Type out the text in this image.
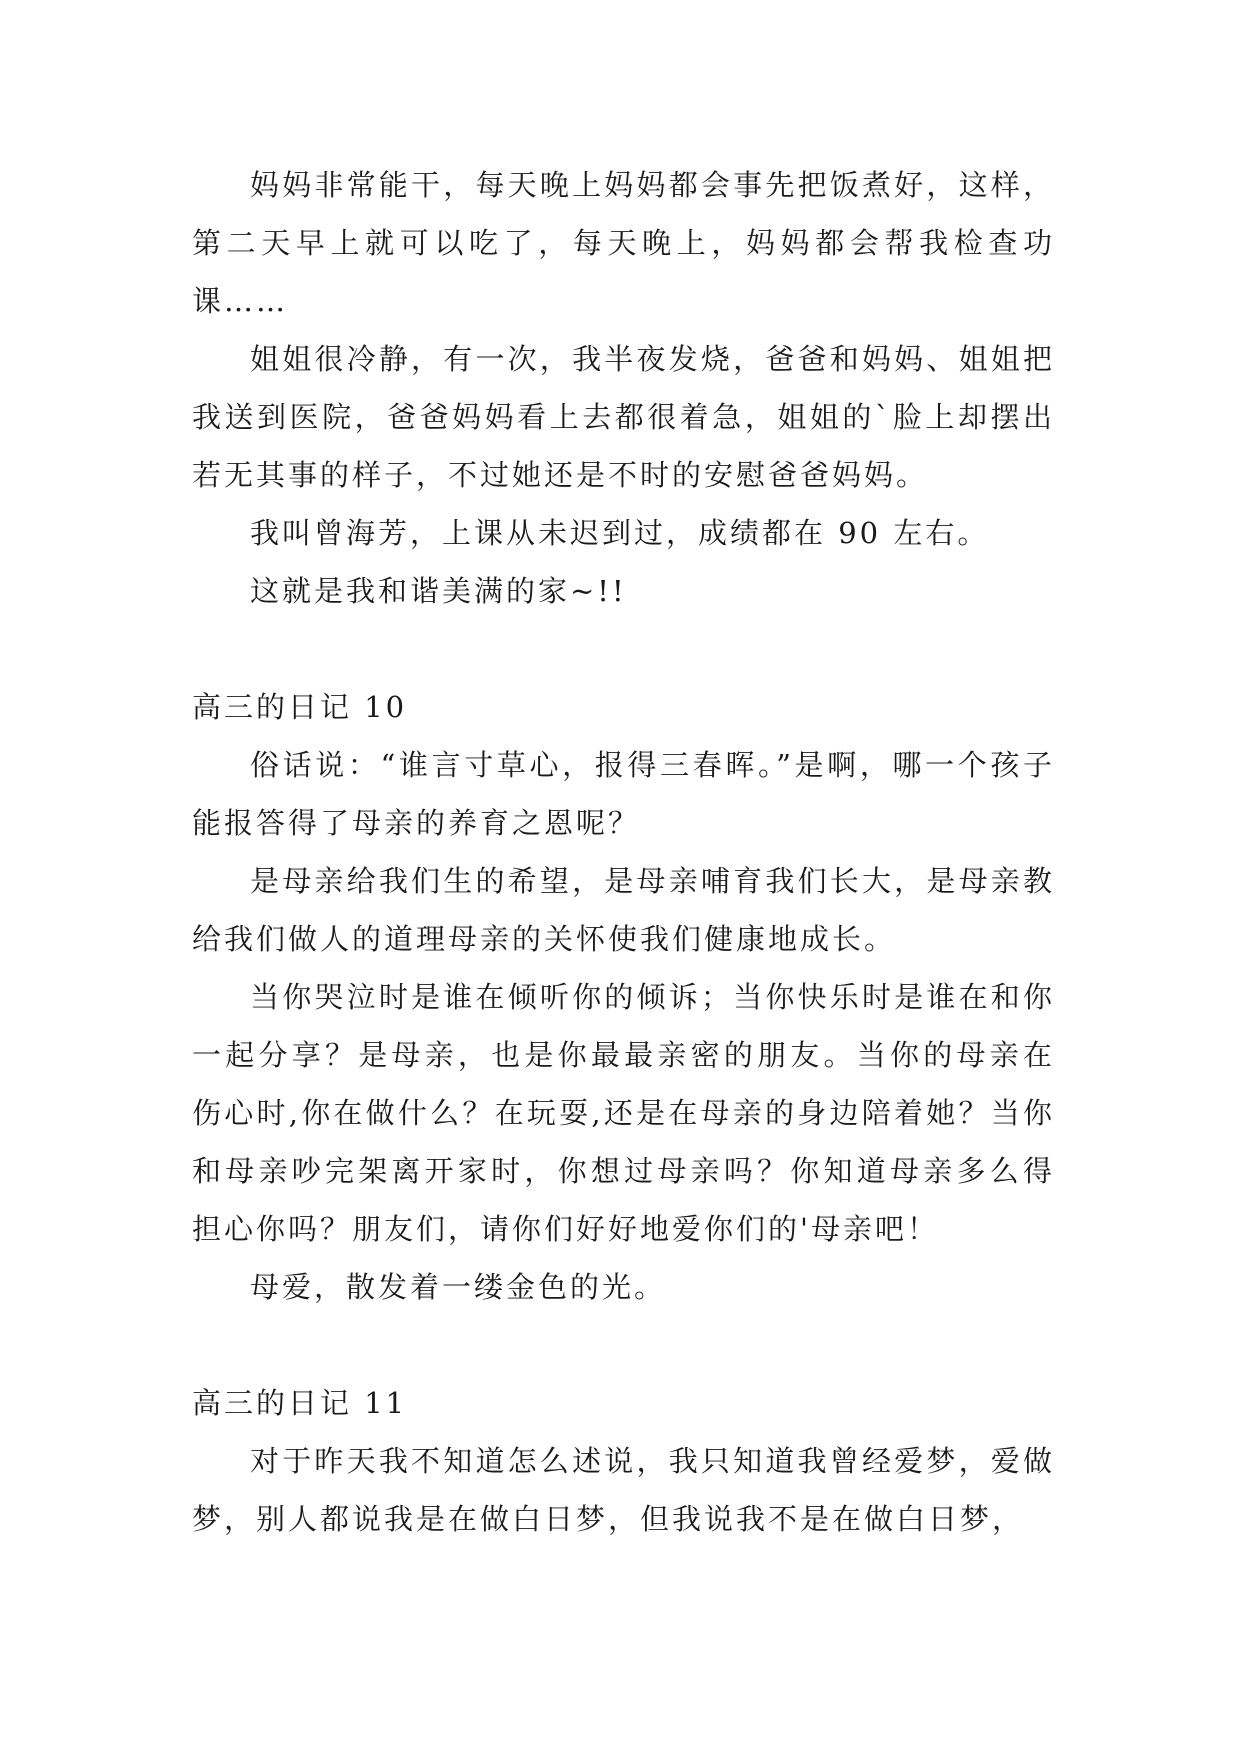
妈妈非常能干，每天晚上妈妈都会事先把饭煮好，这样，第二天早上就可以吃了，每天晚上，妈妈都会帮我检查功课……

姐姐很冷静，有一次，我半夜发烧，爸爸和妈妈、姐姐把我送到医院，爸爸妈妈看上去都很着急，姐姐的`脸上却摆出若无其事的样子，不过她还是不时的安慰爸爸妈妈。

我叫曾海芳，上课从未迟到过，成绩都在 90 左右。

这就是我和谐美满的家~!!

高三的日记 10

俗话说：“谁言寸草心，报得三春晖。”是啊，哪一个孩子能报答得了母亲的养育之恩呢？

是母亲给我们生的希望，是母亲哺育我们长大，是母亲教给我们做人的道理母亲的关怀使我们健康地成长。

当你哭泣时是谁在倾听你的倾诉；当你快乐时是谁在和你一起分享？是母亲，也是你最最亲密的朋友。当你的母亲在伤心时,你在做什么？在玩耍,还是在母亲的身边陪着她？当你和母亲吵完架离开家时，你想过母亲吗？你知道母亲多么得担心你吗？朋友们，请你们好好地爱你们的'母亲吧！

母爱，散发着一缕金色的光。

高三的日记 11

对于昨天我不知道怎么述说，我只知道我曾经爱梦，爱做梦，别人都说我是在做白日梦，但我说我不是在做白日梦，
